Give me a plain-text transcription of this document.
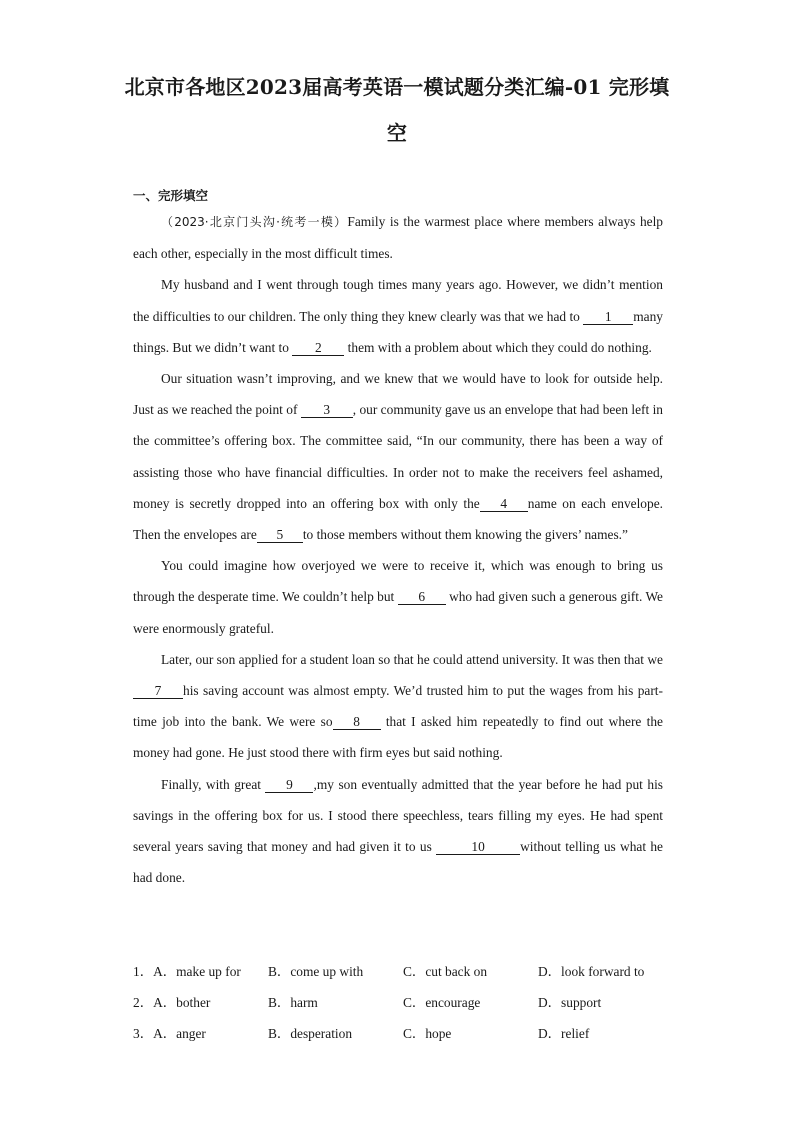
北京市各地区2023届高考英语一模试题分类汇编-01 完形填
空
一、完形填空

（2023·北京门头沟·统考一模）Family is the warmest place where members always help each other, especially in the most difficult times.

My husband and I went through tough times many years ago. However, we didn’t mention the difficulties to our children. The only thing they knew clearly was that we had to 1 many things. But we didn’t want to 2 them with a problem about which they could do nothing.

Our situation wasn’t improving, and we knew that we would have to look for outside help. Just as we reached the point of 3 , our community gave us an envelope that had been left in the committee’s offering box. The committee said, “In our community, there has been a way of assisting those who have financial difficulties. In order not to make the receivers feel ashamed, money is secretly dropped into an offering box with only the 4 name on each envelope. Then the envelopes are 5 to those members without them knowing the givers’ names.”

You could imagine how overjoyed we were to receive it, which was enough to bring us through the desperate time. We couldn’t help but 6 who had given such a generous gift. We were enormously grateful.

Later, our son applied for a student loan so that he could attend university. It was then that we 7 his saving account was almost empty. We’d trusted him to put the wages from his part-time job into the bank. We were so 8 that I asked him repeatedly to find out where the money had gone. He just stood there with firm eyes but said nothing.

Finally, with great 9 ,my son eventually admitted that the year before he had put his savings in the offering box for us. I stood there speechless, tears filling my eyes. He had spent several years saving that money and had given it to us	10	without telling us what he had done.

1．A．make up for	B．come up with	C．cut back on	D．look forward to
2．A．bother	B．harm	C．encourage	D．support
3．A．anger	B．desperation	C．hope	D．relief
